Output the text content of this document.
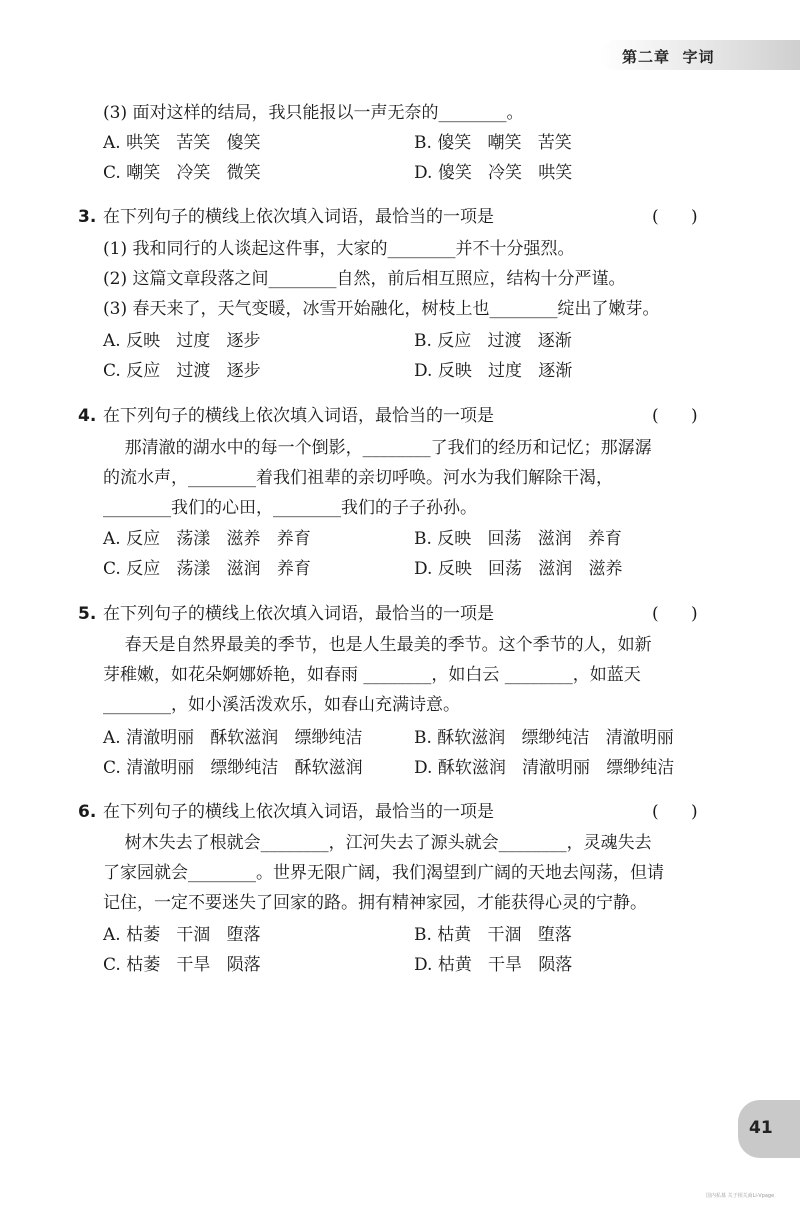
第二章  字词
(3) 面对这样的结局，我只能报以一声无奈的________。
A. 哄笑   苦笑   傻笑	B. 傻笑   嘲笑   苦笑
C. 嘲笑   冷笑   微笑	D. 傻笑   冷笑   哄笑
3. 在下列句子的横线上依次填入词语，最恰当的一项是	(      )
(1) 我和同行的人谈起这件事，大家的________并不十分强烈。
(2) 这篇文章段落之间________自然，前后相互照应，结构十分严谨。
(3) 春天来了，天气变暖，冰雪开始融化，树枝上也________绽出了嫩芽。
A. 反映   过度   逐步	B. 反应   过渡   逐渐
C. 反应   过渡   逐步	D. 反映   过度   逐渐
4. 在下列句子的横线上依次填入词语，最恰当的一项是	(      )
那清澈的湖水中的每一个倒影，________了我们的经历和记忆；那潺潺
的流水声，________着我们祖辈的亲切呼唤。河水为我们解除干渴，
________我们的心田，________我们的子子孙孙。
A. 反应   荡漾   滋养   养育	B. 反映   回荡   滋润   养育
C. 反应   荡漾   滋润   养育	D. 反映   回荡   滋润   滋养
5. 在下列句子的横线上依次填入词语，最恰当的一项是	(      )
春天是自然界最美的季节，也是人生最美的季节。这个季节的人，如新
芽稚嫩，如花朵婀娜娇艳，如春雨 ________，如白云 ________，如蓝天
________，如小溪活泼欢乐，如春山充满诗意。
A. 清澈明丽   酥软滋润   缥缈纯洁	B. 酥软滋润   缥缈纯洁   清澈明丽
C. 清澈明丽   缥缈纯洁   酥软滋润	D. 酥软滋润   清澈明丽   缥缈纯洁
6. 在下列句子的横线上依次填入词语，最恰当的一项是	(      )
树木失去了根就会________，江河失去了源头就会________，灵魂失去
了家园就会________。世界无限广阔，我们渴望到广阔的天地去闯荡，但请
记住，一定不要迷失了回家的路。拥有精神家园，才能获得心灵的宁静。
A. 枯萎   干涸   堕落	B. 枯黄   干涸   堕落
C. 枯萎   干旱   陨落	D. 枯黄   干旱   陨落
41
国内私募 关于相关商Li-Vpage
